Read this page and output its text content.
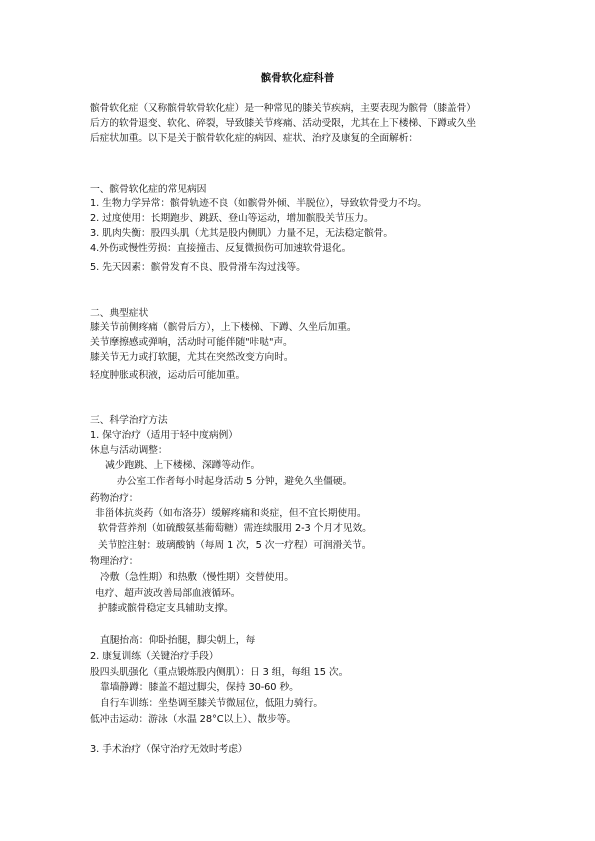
髌骨软化症科普

髌骨软化症（又称髌骨软骨软化症）是一种常见的膝关节疾病，主要表现为髌骨（膝盖骨）

后方的软骨退变、软化、碎裂，导致膝关节疼痛、活动受限，尤其在上下楼梯、下蹲或久坐

后症状加重。以下是关于髌骨软化症的病因、症状、治疗及康复的全面解析：

一、髌骨软化症的常见病因
1. 生物力学异常：髌骨轨迹不良（如髌骨外倾、半脱位），导致软骨受力不均。
2. 过度使用：长期跑步、跳跃、登山等运动，增加髌股关节压力。
3. 肌肉失衡：股四头肌（尤其是股内侧肌）力量不足，无法稳定髌骨。
4.外伤或慢性劳损：直接撞击、反复微损伤可加速软骨退化。
5. 先天因素：髌骨发育不良、股骨滑车沟过浅等。
二、典型症状
膝关节前侧疼痛（髌骨后方），上下楼梯、下蹲、久坐后加重。
关节摩擦感或弹响，活动时可能伴随"咔哒"声。
膝关节无力或打软腿，尤其在突然改变方向时。
轻度肿胀或积液，运动后可能加重。
三、科学治疗方法
1. 保守治疗（适用于轻中度病例）
休息与活动调整：
减少跑跳、上下楼梯、深蹲等动作。
办公室工作者每小时起身活动 5 分钟，避免久坐僵硬。
药物治疗：
非甾体抗炎药（如布洛芬）缓解疼痛和炎症，但不宜长期使用。
软骨营养剂（如硫酸氨基葡萄糖）需连续服用 2-3 个月才见效。
关节腔注射：玻璃酸钠（每周 1 次，5 次一疗程）可润滑关节。
物理治疗：
冷敷（急性期）和热敷（慢性期）交替使用。
电疗、超声波改善局部血液循环。
护膝或髌骨稳定支具辅助支撑。
直腿抬高：仰卧抬腿，脚尖朝上，每
2. 康复训练（关键治疗手段）
股四头肌强化（重点锻炼股内侧肌）：日 3 组，每组 15 次。
靠墙静蹲：膝盖不超过脚尖，保持 30-60 秒。
自行车训练：坐垫调至膝关节微屈位，低阻力骑行。
低冲击运动：游泳（水温 28°C以上）、散步等。
3. 手术治疗（保守治疗无效时考虑）
